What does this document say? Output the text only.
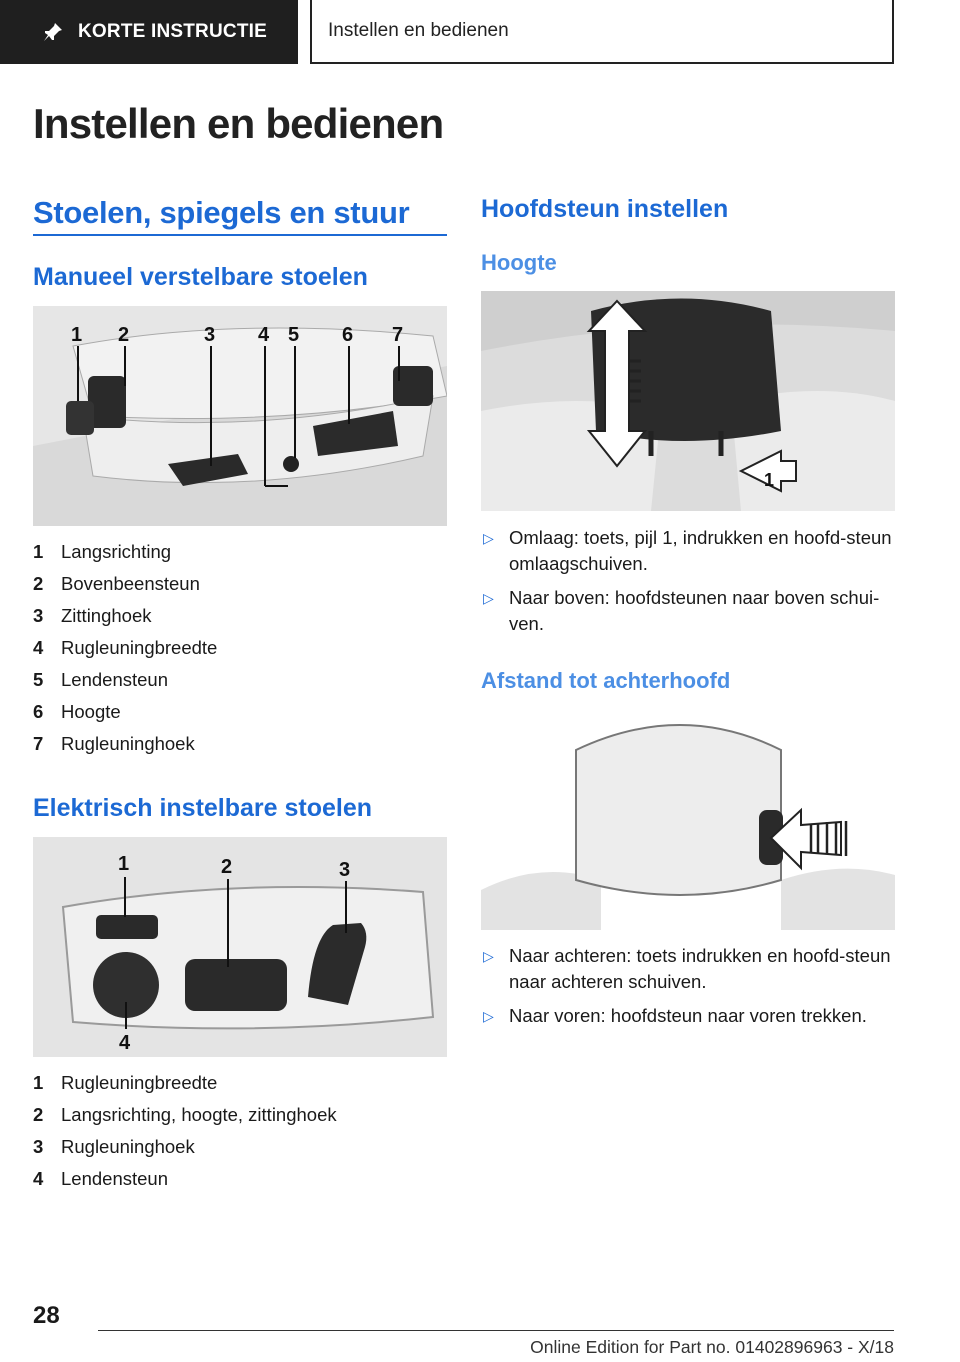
KORTE INSTRUCTIE	Instellen en bedienen
Instellen en bedienen
Stoelen, spiegels en stuur
Manueel verstelbare stoelen
1 2	3 4 5 6 7
1 Langsrichting
2 Bovenbeensteun
3 Zittinghoek
4 Rugleuningbreedte
5 Lendensteun
6 Hoogte
7 Rugleuninghoek
Elektrisch instelbare stoelen
1	2	3
4
1 Rugleuningbreedte
2 Langsrichting, hoogte, zittinghoek
3 Rugleuninghoek
4 Lendensteun
Hoofdsteun instellen
Hoogte
1
▷ Omlaag: toets, pijl 1, indrukken en hoofd-steun omlaagschuiven.
▷ Naar boven: hoofdsteunen naar boven schui-ven.
Afstand tot achterhoofd
▷ Naar achteren: toets indrukken en hoofd-steun naar achteren schuiven.
▷ Naar voren: hoofdsteun naar voren trekken.
28
Online Edition for Part no. 01402896963 - X/18
